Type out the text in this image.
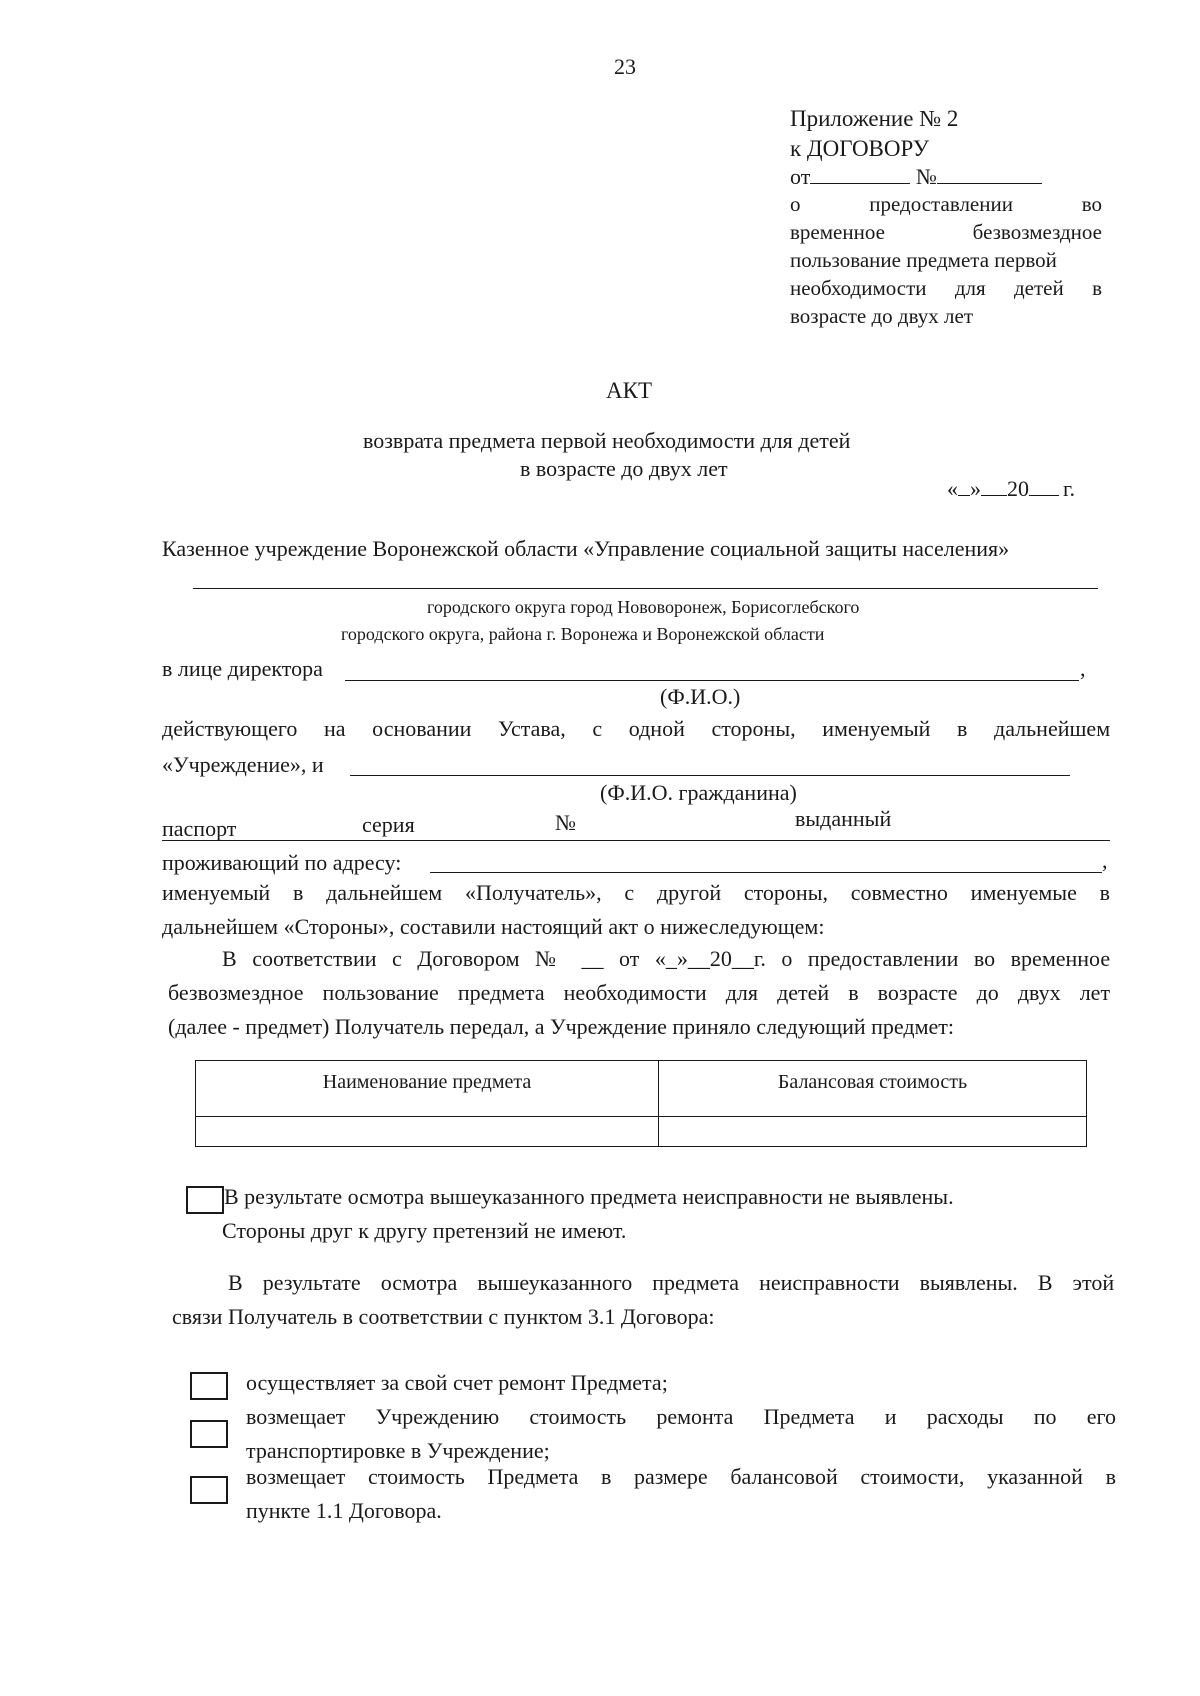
23
Приложение № 2
к ДОГОВОРУ
от	№
о	предоставлении	во
временное	безвозмездное
пользование предмета первой
необходимости для детей в
возрасте до двух лет
АКТ
возврата предмета первой необходимости для детей
в возрасте до двух лет
« » 20 г.
Казенное учреждение Воронежской области «Управление социальной защиты населения»
городского округа город Нововоронеж, Борисоглебского
городского округа, района г. Воронежа и Воронежской области
в лице директора	,
(Ф.И.О.)
действующего на основании Устава, с одной стороны, именуемый в дальнейшем
«Учреждение», и
(Ф.И.О. гражданина)
паспорт	серия	№	выданный
проживающий по адресу:	,
именуемый в дальнейшем «Получатель», с другой стороны, совместно именуемые в
дальнейшем «Стороны», составили настоящий акт о нижеследующем:
В соответствии с Договором № __ от «_»__20__г. о предоставлении во временное
безвозмездное пользование предмета необходимости для детей в возрасте до двух лет
(далее - предмет) Получатель передал, а Учреждение приняло следующий предмет:
Наименование предмета	Балансовая стоимость

В результате осмотра вышеуказанного предмета неисправности не выявлены.
Стороны друг к другу претензий не имеют.
В результате осмотра вышеуказанного предмета неисправности выявлены. В этой
связи Получатель в соответствии с пунктом 3.1 Договора:
осуществляет за свой счет ремонт Предмета;
возмещает Учреждению стоимость ремонта Предмета и расходы по его
транспортировке в Учреждение;
возмещает стоимость Предмета в размере балансовой стоимости, указанной в
пункте 1.1 Договора.
